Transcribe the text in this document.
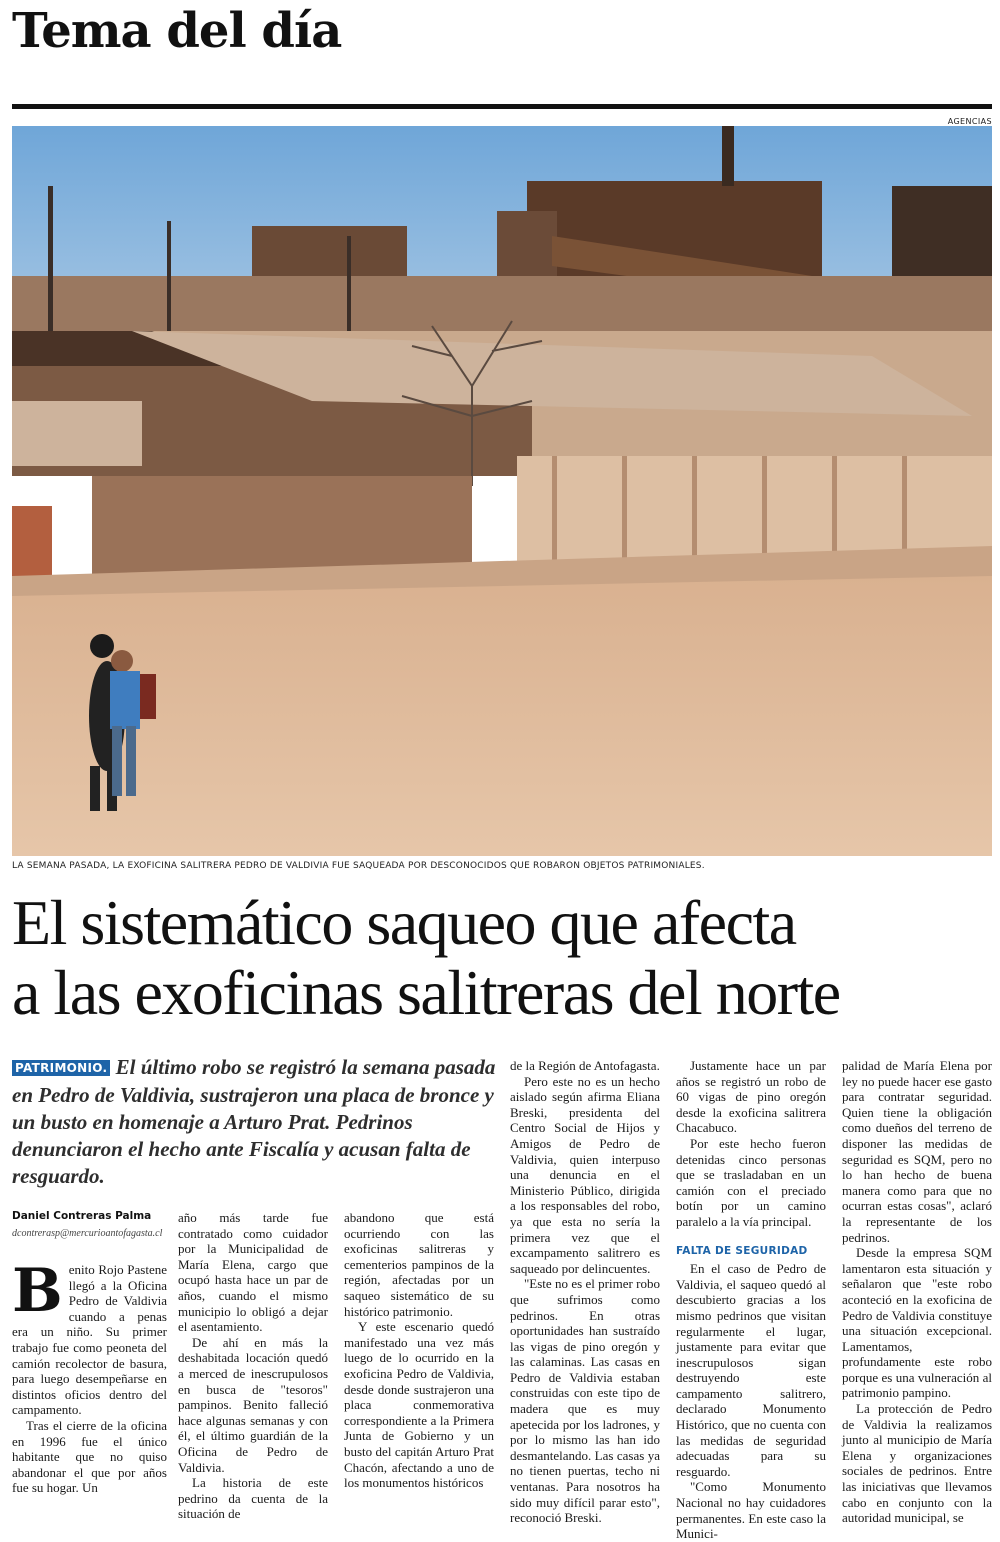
Tema del día
AGENCIAS
LA SEMANA PASADA, LA EXOFICINA SALITRERA PEDRO DE VALDIVIA FUE SAQUEADA POR DESCONOCIDOS QUE ROBARON OBJETOS PATRIMONIALES.
El sistemático saqueo que afecta
a las exoficinas salitreras del norte
PATRIMONIO. El último robo se registró la semana pasada en Pedro de Valdivia, sustrajeron una placa de bronce y un busto en homenaje a Arturo Prat. Pedrinos denunciaron el hecho ante Fiscalía y acusan falta de resguardo.

Daniel Contreras Palma

dcontrerasp@mercurioantofagasta.cl

Benito Rojo Pastene llegó a la Oficina Pedro de Valdivia cuando a penas era un niño. Su primer trabajo fue como peoneta del camión recolector de basura, para luego desempeñarse en distintos oficios dentro del campamento.

Tras el cierre de la oficina en 1996 fue el único habitante que no quiso abandonar el que por años fue su hogar. Un

año más tarde fue contratado como cuidador por la Municipalidad de María Elena, cargo que ocupó hasta hace un par de años, cuando el mismo municipio lo obligó a dejar el asentamiento.

De ahí en más la deshabitada locación quedó a merced de inescrupulosos en busca de "tesoros" pampinos. Benito falleció hace algunas semanas y con él, el último guardián de la Oficina de Pedro de Valdivia.

La historia de este pedrino da cuenta de la situación de

abandono que está ocurriendo con las exoficinas salitreras y cementerios pampinos de la región, afectadas por un saqueo sistemático de su histórico patrimonio.

Y este escenario quedó manifestado una vez más luego de lo ocurrido en la exoficina Pedro de Valdivia, desde donde sustrajeron una placa conmemorativa correspondiente a la Primera Junta de Gobierno y un busto del capitán Arturo Prat Chacón, afectando a uno de los monumentos históricos

de la Región de Antofagasta.

Pero este no es un hecho aislado según afirma Eliana Breski, presidenta del Centro Social de Hijos y Amigos de Pedro de Valdivia, quien interpuso una denuncia en el Ministerio Público, dirigida a los responsables del robo, ya que esta no sería la primera vez que el excampamento salitrero es saqueado por delincuentes.

"Este no es el primer robo que sufrimos como pedrinos. En otras oportunidades han sustraído las vigas de pino oregón y las calaminas. Las casas en Pedro de Valdivia estaban construidas con este tipo de madera que es muy apetecida por los ladrones, y por lo mismo las han ido desmantelando. Las casas ya no tienen puertas, techo ni ventanas. Para nosotros ha sido muy difícil parar esto", reconoció Breski.

Justamente hace un par años se registró un robo de 60 vigas de pino oregón desde la exoficina salitrera Chacabuco.

Por este hecho fueron detenidas cinco personas que se trasladaban en un camión con el preciado botín por un camino paralelo a la vía principal.

FALTA DE SEGURIDAD

En el caso de Pedro de Valdivia, el saqueo quedó al descubierto gracias a los mismo pedrinos que visitan regularmente el lugar, justamente para evitar que inescrupulosos sigan destruyendo este campamento salitrero, declarado Monumento Histórico, que no cuenta con las medidas de seguridad adecuadas para su resguardo.

"Como Monumento Nacional no hay cuidadores permanentes. En este caso la Munici-

palidad de María Elena por ley no puede hacer ese gasto para contratar seguridad. Quien tiene la obligación como dueños del terreno de disponer las medidas de seguridad es SQM, pero no lo han hecho de buena manera como para que no ocurran estas cosas", aclaró la representante de los pedrinos.

Desde la empresa SQM lamentaron esta situación y señalaron que "este robo aconteció en la exoficina de Pedro de Valdivia constituye una situación excepcional. Lamentamos, profundamente este robo porque es una vulneración al patrimonio pampino.

La protección de Pedro de Valdivia la realizamos junto al municipio de María Elena y organizaciones sociales de pedrinos. Entre las iniciativas que llevamos cabo en conjunto con la autoridad municipal, se
